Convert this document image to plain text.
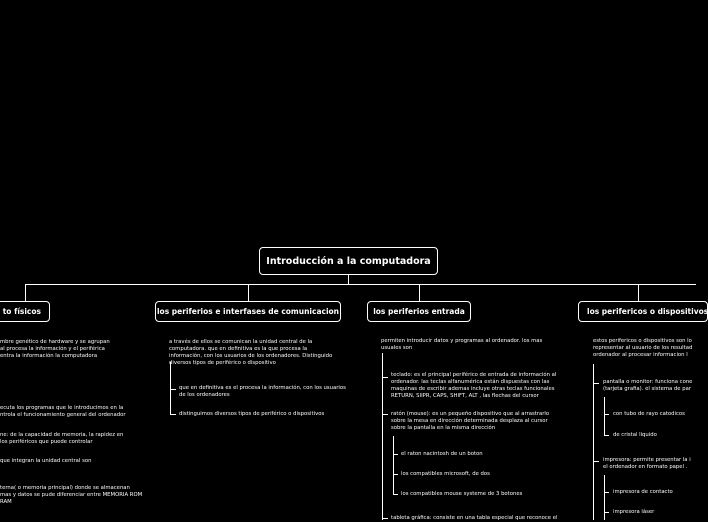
Introducción a la computadora
to físicos	los periferios e interfases de comunicacion	los periferios entrada	los perifericos o dispositivos
mbre genético de hardware y se agrupan
al procesa la información y el periférica
entra la información la computadora
ecuta los programas que le introducimos en la
ntrola el funcionamiento general del ordenador
ne: de la capacidad de memoria, la rapidez en
los periféricos que puede controlar
que integran la unidad central son
terna( o memoria principal) donde se almacenan
mas y datos se pude diferenciar entre MEMORIA ROM
RAM
a través de ellos se comunican la unidad central de la
computadora. que en definitiva es la que procesa la
información, con los usuarios de los ordenadores. Distinguido
diversos tipos de periférico o dispositivo
que en definitiva es el procesa la información, con los usuarios
de los ordenadores
distinguimos diversos tipos de periférico o dispositivos
permiten introducir datos y programas al ordenador. los mas
usuales son
teclado: es el principal periférico de entrada de información al
ordenador. las teclas alfanumérica están dispuestas con las
maquinas de escribir ademas incluye otras teclas funcionales
RETURN, SIIPR, CAPS, SHIFT, ALT , las flechas del cursor
ratón (mouse): es un pequeño dispositivo que al arrastrarlo
sobre la mesa en dirección determinada desplaza al cursor
sobre la pantalla en la misma dirección
el raton nacintosh de un boton
los compatibles microsoft, de dos
los compatibles mouse systeme de 3 botones
tableta gráfica: consiste en una tabla especial que reconoce el
estos perifericos o dispositivos son lo
representar al usuario de los resultad
ordenador al procesar informacion l
pantalla o monitor: funciona cone
(tarjeta grafia). el sistema de par
con tubo de rayo catodicos
de cristal liquido
impresora: permite presentar la i
el ordenador en formato papel .
impresora de contacto
impresora láser
